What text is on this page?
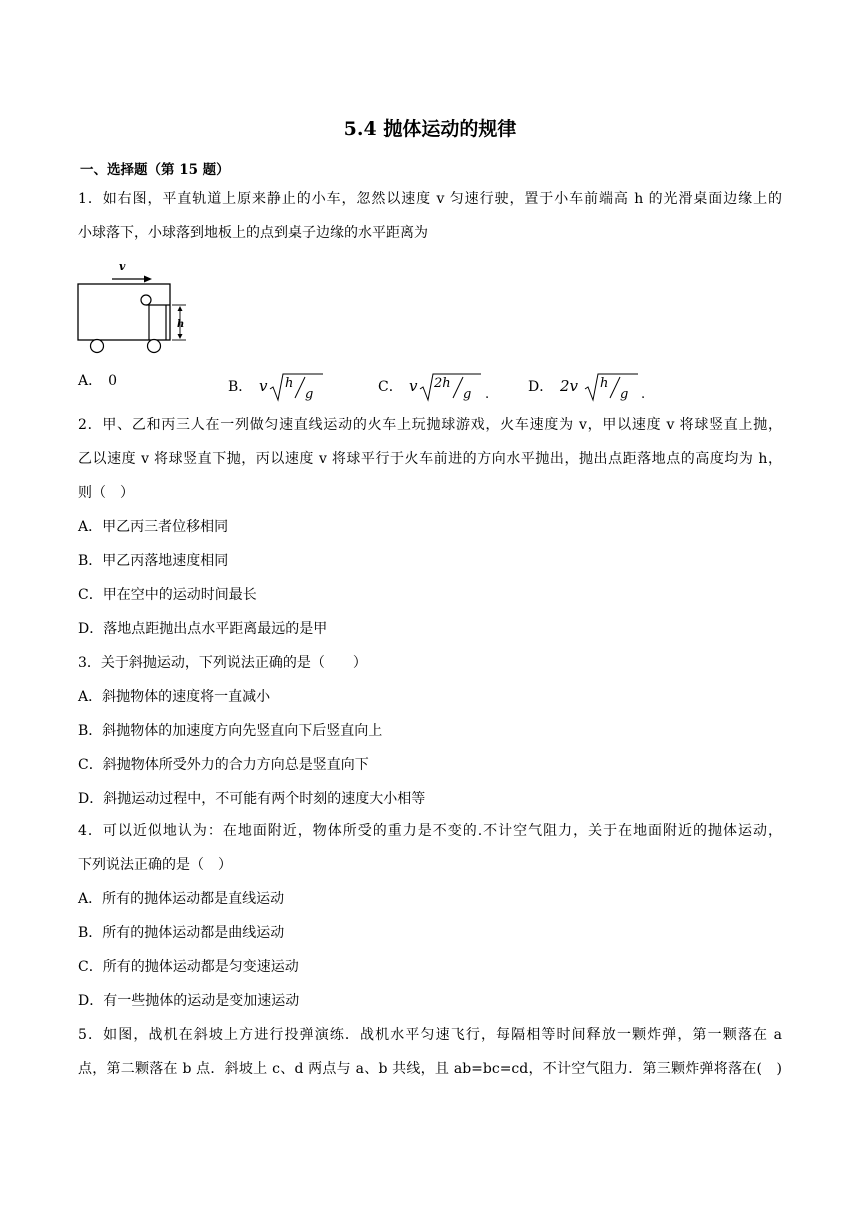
5.4 抛体运动的规律
一、选择题（第 15 题）
1．如右图，平直轨道上原来静止的小车，忽然以速度 v 匀速行驶，置于小车前端高 h 的光滑桌面边缘上的
小球落下，小球落到地板上的点到桌子边缘的水平距离为
v
h
A． 0	B． v h
g	C． v 2h
g .	D． 2v h
g .
2．甲、乙和丙三人在一列做匀速直线运动的火车上玩抛球游戏，火车速度为 v，甲以速度 v 将球竖直上抛，
乙以速度 v 将球竖直下抛，丙以速度 v 将球平行于火车前进的方向水平抛出，抛出点距落地点的高度均为 h，
则（　）
A．甲乙丙三者位移相同
B．甲乙丙落地速度相同
C．甲在空中的运动时间最长
D．落地点距抛出点水平距离最远的是甲
3．关于斜抛运动，下列说法正确的是（　　）
A．斜抛物体的速度将一直减小
B．斜抛物体的加速度方向先竖直向下后竖直向上
C．斜抛物体所受外力的合力方向总是竖直向下
D．斜抛运动过程中，不可能有两个时刻的速度大小相等
4．可以近似地认为：在地面附近，物体所受的重力是不变的.不计空气阻力，关于在地面附近的抛体运动，
下列说法正确的是（　）
A．所有的抛体运动都是直线运动
B．所有的抛体运动都是曲线运动
C．所有的抛体运动都是匀变速运动
D．有一些抛体的运动是变加速运动
5．如图，战机在斜坡上方进行投弹演练．战机水平匀速飞行，每隔相等时间释放一颗炸弹，第一颗落在 a
点，第二颗落在 b 点．斜坡上 c、d 两点与 a、b 共线，且 ab=bc=cd，不计空气阻力．第三颗炸弹将落在(　)
